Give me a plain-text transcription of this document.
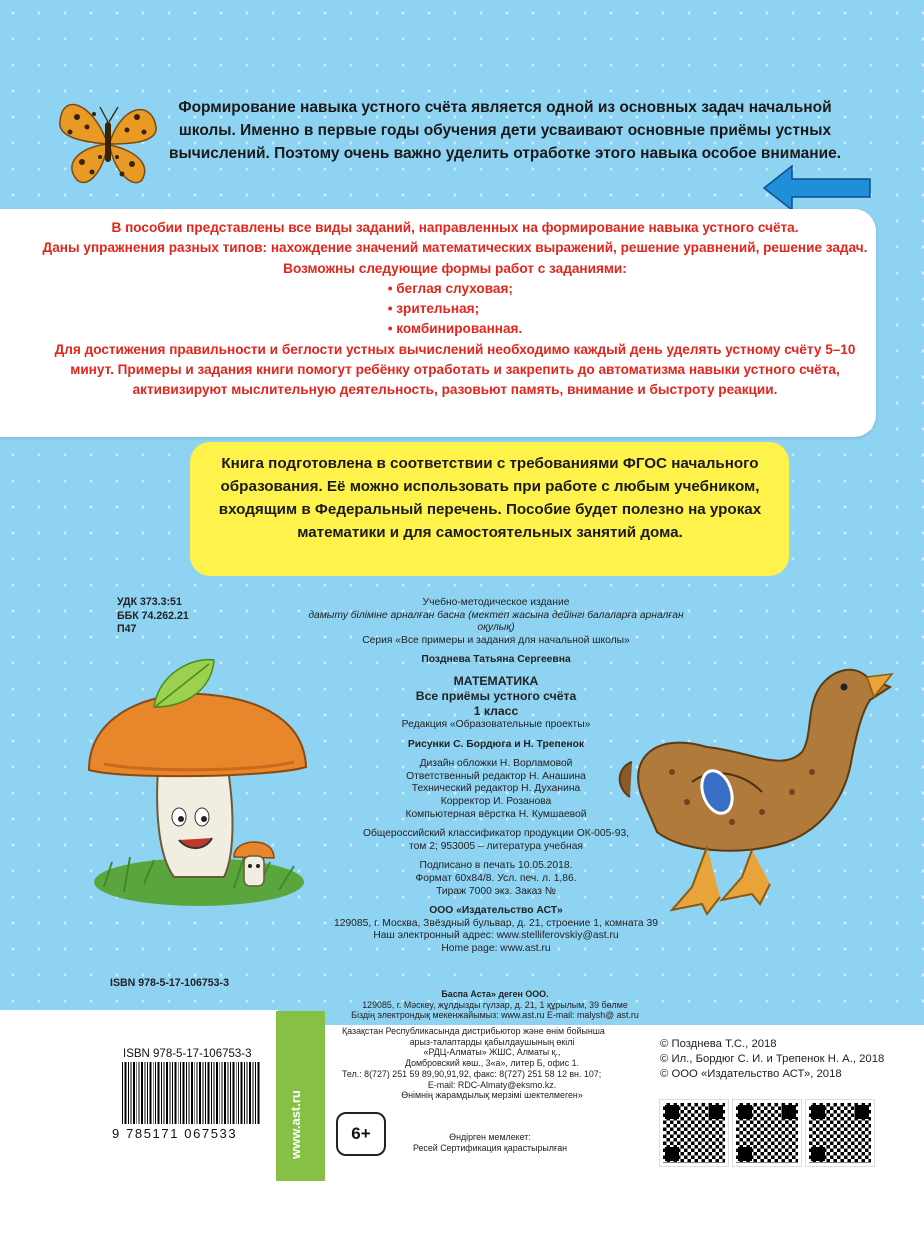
Формирование навыка устного счёта является одной из основных задач начальной школы. Именно в первые годы обучения дети усваивают основные приёмы устных вычислений. Поэтому очень важно уделить отработке этого навыка особое внимание.
В пособии представлены все виды заданий, направленных на формирование навыка устного счёта.
Даны упражнения разных типов: нахождение значений математических выражений, решение уравнений, решение задач.
Возможны следующие формы работ с заданиями:
• беглая слуховая;
• зрительная;
• комбинированная.
Для достижения правильности и беглости устных вычислений необходимо каждый день уделять устному счёту 5–10 минут. Примеры и задания книги помогут ребёнку отработать и закрепить до автоматизма навыки устного счёта, активизируют мыслительную деятельность, разовьют память, внимание и быстроту реакции.
Книга подготовлена в соответствии с требованиями ФГОС начального образования. Её можно использовать при работе с любым учебником, входящим в Федеральный перечень. Пособие будет полезно на уроках математики и для самостоятельных занятий дома.
УДК 373.3:51
ББК 74.262.21
П47
ISBN 978-5-17-106753-3

Учебно-методическое издание

дамыту біліміне арналған басна (мектеп жасына дейінгі балаларға арналған оқулық)

Серия «Все примеры и задания для начальной школы»

Позднева Татьяна Сергеевна

МАТЕМАТИКА

Все приёмы устного счёта

1 класс

Редакция «Образовательные проекты»

Рисунки С. Бордюга и Н. Трепенок

Дизайн обложки Н. Ворламовой

Ответственный редактор Н. Анашина

Технический редактор Н. Духанина

Корректор И. Розанова

Компьютерная вёрстка Н. Кумшаевой

Общероссийский классификатор продукции ОК-005-93,

том 2; 953005 – литература учебная

Подписано в печать 10.05.2018.

Формат 60х84/8. Усл. печ. л. 1,86.

Тираж 7000 экз. Заказ №

ООО «Издательство АСТ»

129085, г. Москва, Звёздный бульвар, д. 21, строение 1, комната 39

Наш электронный адрес: www.stelliferovskiy@ast.ru

Home page: www.ast.ru

Баспа Аста» деген ООО.

129085, г. Мәскеу, жұлдызды гүлзар, д. 21, 1 құрылым, 39 бөлме

Біздің электрондық мекенжайымыз: www.ast.ru E-mail: malysh@ ast.ru

Қазақстан Республикасында дистрибьютор және өнім бойынша

арыз-талаптарды қабылдаушының өкілі

«РДЦ-Алматы» ЖШС, Алматы қ.,

Домбровский көш., 3«а», литер Б, офис 1.

Тел.: 8(727) 251 59 89,90,91,92, факс: 8(727) 251 58 12 вн. 107;

E-mail: RDC-Almaty@eksmo.kz.

Өнімнің жарамдылық мерзімі шектелмеген»

Өндірген мемлекет:

Ресей Сертификация қарастырылған

www.ast.ru
ISBN 978-5-17-106753-3
9 785171 067533	6+

© Позднева Т.С., 2018

© Ил., Бордюг С. И. и Трепенок Н. А., 2018

© ООО «Издательство АСТ», 2018
